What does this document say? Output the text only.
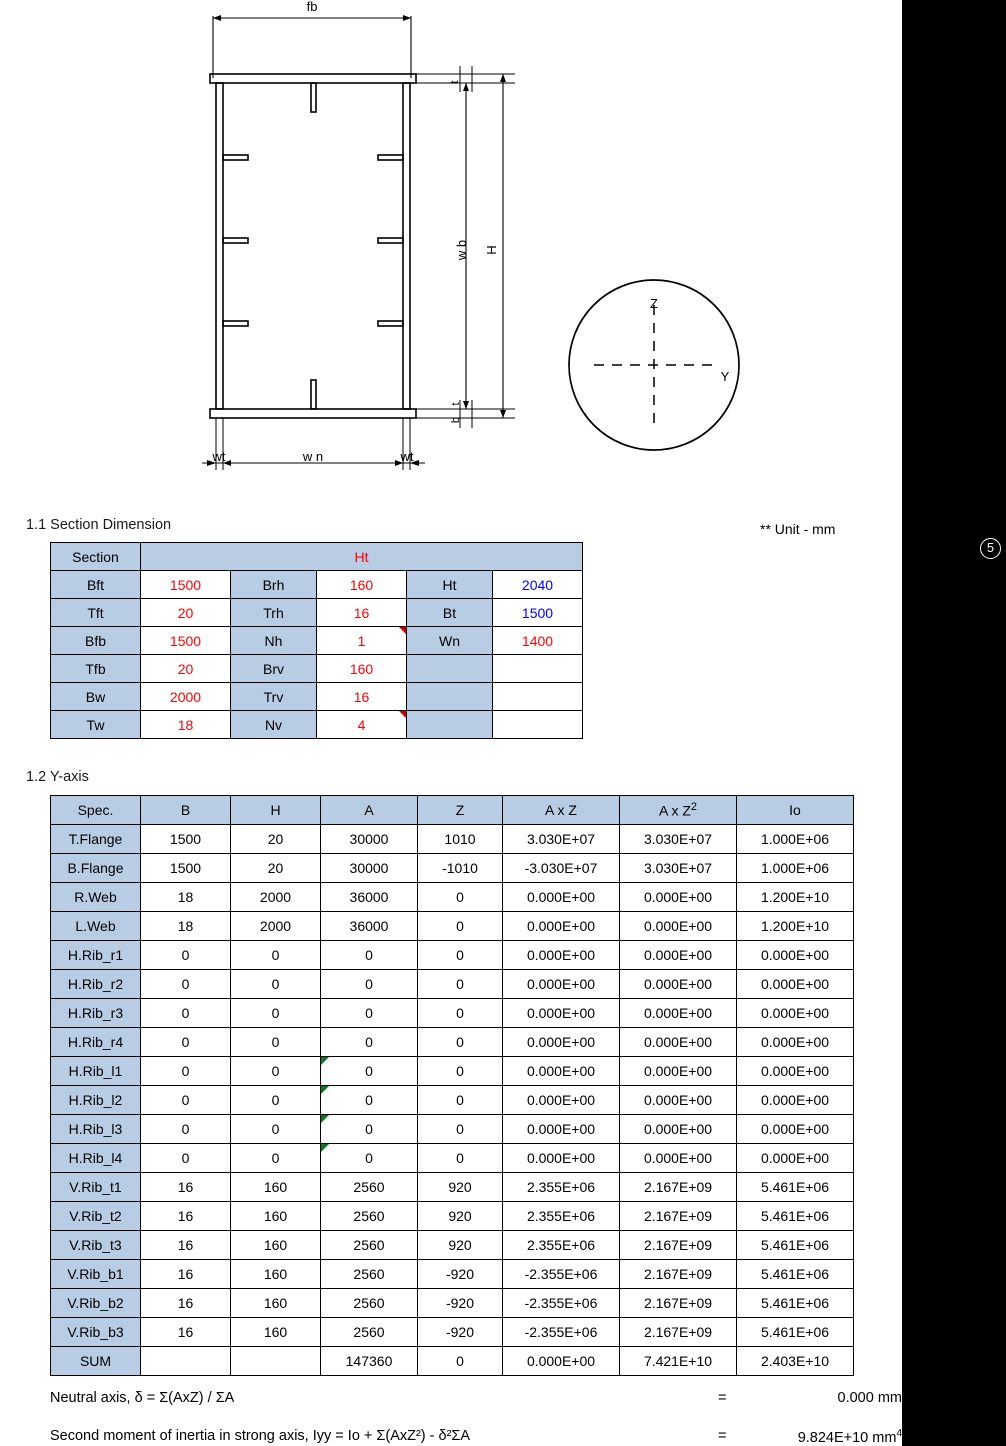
fb
w n
wt	wt
w b H
t
t
b
Z
Y
5
1.1 Section Dimension	** Unit - mm
1.2 Y-axis
Section	Ht				
Bft	1500	Brh	160	Ht	2040
Tft	20	Trh	16	Bt	1500
Bfb	1500	Nh	1	Wn	1400
Tfb	20	Brv	160		
Bw	2000	Trv	16		
Tw	18	Nv	4

Spec.	B	H	A	Z	A x Z	A x $Z^2$	Io
T.Flange	1500	20	30000	1010	3.030E+07	3.030E+07	1.000E+06
B.Flange	1500	20	30000	-1010	-3.030E+07	3.030E+07	1.000E+06
R.Web	18	2000	36000	0	0.000E+00	0.000E+00	1.200E+10
L.Web	18	2000	36000	0	0.000E+00	0.000E+00	1.200E+10
H.Rib_r1	0	0	0	0	0.000E+00	0.000E+00	0.000E+00
H.Rib_r2	0	0	0	0	0.000E+00	0.000E+00	0.000E+00
H.Rib_r3	0	0	0	0	0.000E+00	0.000E+00	0.000E+00
H.Rib_r4	0	0	0	0	0.000E+00	0.000E+00	0.000E+00
H.Rib_l1	0	0	0	0	0.000E+00	0.000E+00	0.000E+00
H.Rib_l2	0	0	0	0	0.000E+00	0.000E+00	0.000E+00
H.Rib_l3	0	0	0	0	0.000E+00	0.000E+00	0.000E+00
H.Rib_l4	0	0	0	0	0.000E+00	0.000E+00	0.000E+00
V.Rib_t1	16	160	2560	920	2.355E+06	2.167E+09	5.461E+06
V.Rib_t2	16	160	2560	920	2.355E+06	2.167E+09	5.461E+06
V.Rib_t3	16	160	2560	920	2.355E+06	2.167E+09	5.461E+06
V.Rib_b1	16	160	2560	-920	-2.355E+06	2.167E+09	5.461E+06
V.Rib_b2	16	160	2560	-920	-2.355E+06	2.167E+09	5.461E+06
V.Rib_b3	16	160	2560	-920	-2.355E+06	2.167E+09	5.461E+06
SUM			147360	0	0.000E+00	7.421E+10	2.403E+10
Neutral axis, δ = Σ(AxZ) / ΣA	=	0.000 mm
Second moment of inertia in strong axis, Iyy = Io + Σ(AxZ²) - δ²ΣA	=	9.824E+10 $mm^4$
